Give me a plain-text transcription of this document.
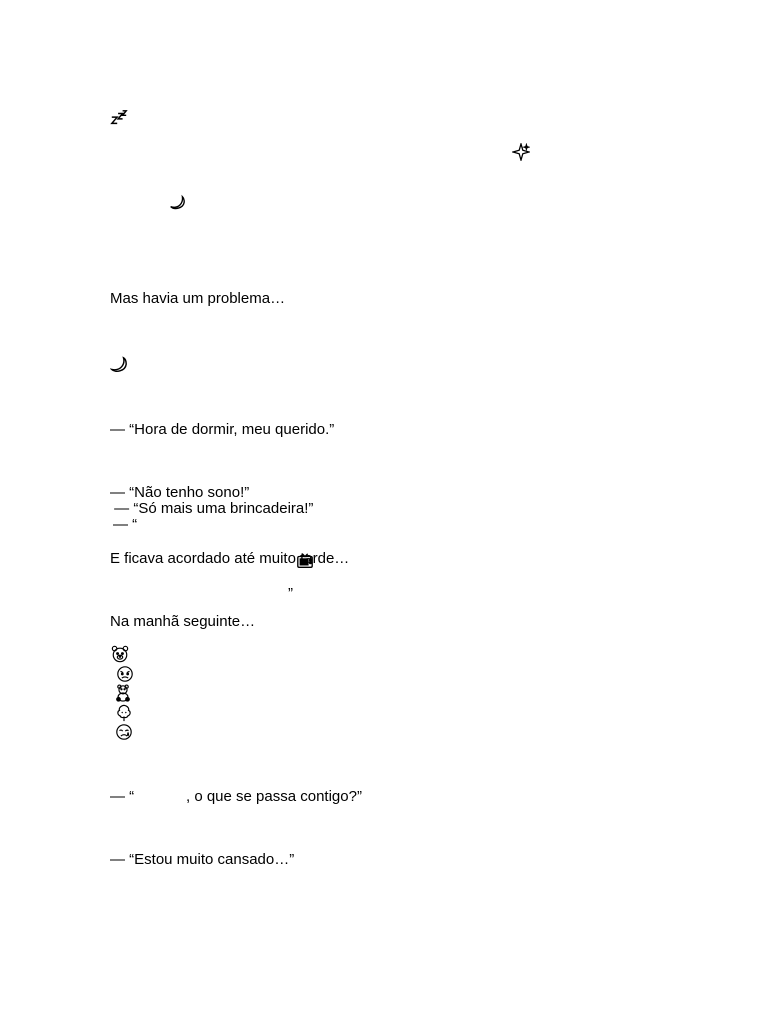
Mas havia um problema…
— “Hora de dormir, meu querido.”
— “Não tenho sono!”
— “Só mais uma brincadeira!”
— “
”

E ficava acordado até muito tarde…
Na manhã seguinte…
— “	, o que se passa contigo?”
— “Estou muito cansado…”
